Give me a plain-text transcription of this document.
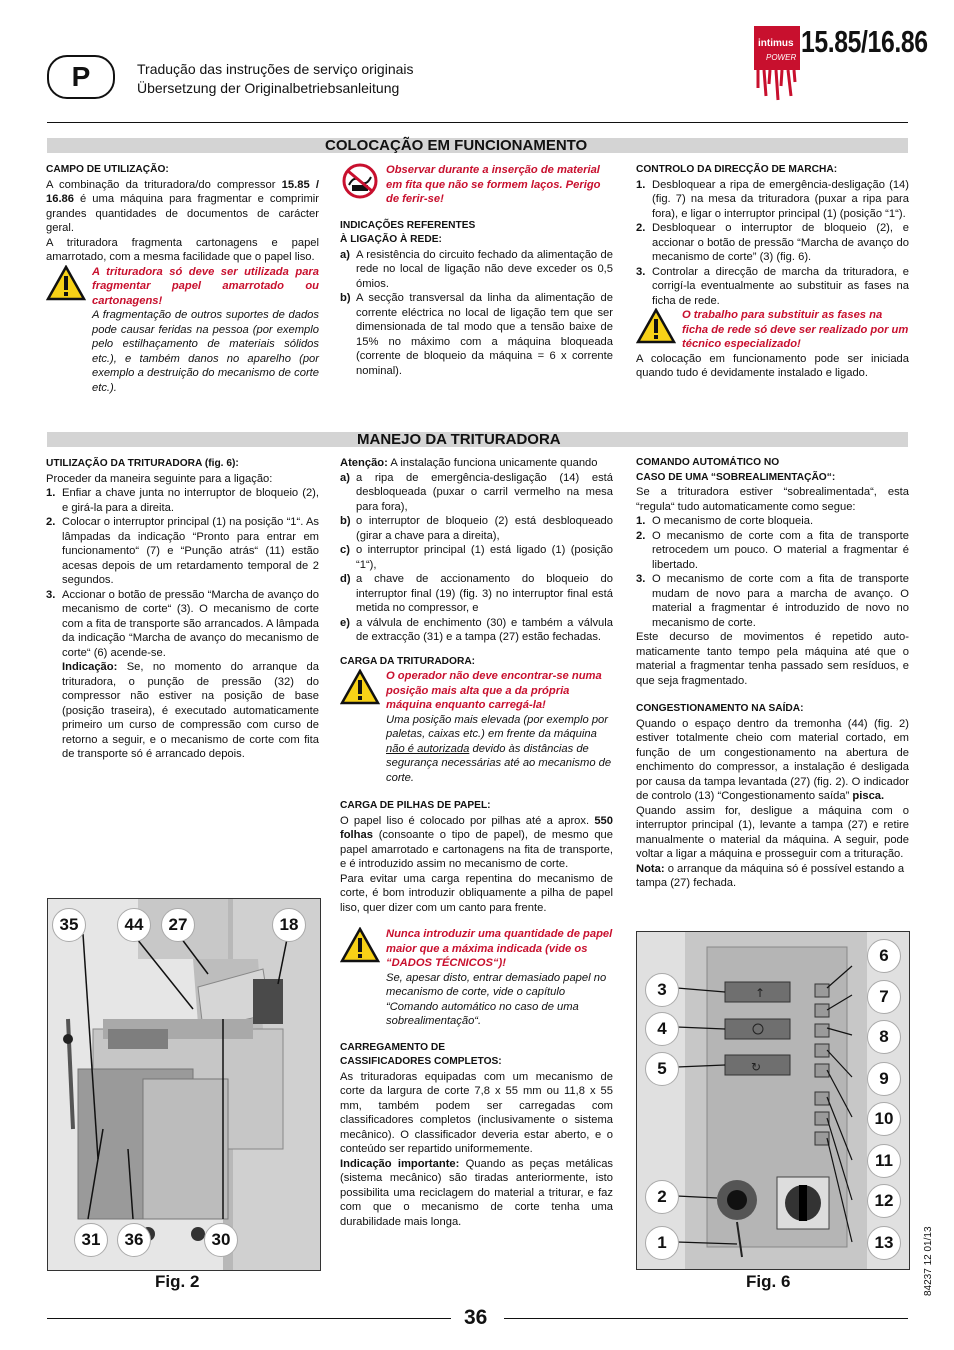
P	Tradução das instruções de serviço originais
Übersetzung der Originalbetriebsanleitung
intimus
POWER 15.85/16.86
COLOCAÇÃO EM FUNCIONAMENTO

CAMPO DE UTILIZAÇÃO:

A combinação da trituradora/do compressor 15.85 / 16.86 é uma máquina para fragmentar e comprimir grandes quantidades de documentos de carácter geral.

A trituradora fragmenta cartonagens e papel amarrotado, com a mesma facilidade que o papel liso.

A trituradora só deve ser utilizada para fragmentar papel amarrotado ou cartonagens!

A fragmentação de outros suportes de dados pode causar feridas na pessoa (por exemplo pelo estilhaçamento de materiais sólidos etc.), e também danos no aparelho (por exemplo a destruição do mecanismo de corte etc.).

Observar durante a inserção de material em fita que não se formem laços. Perigo de ferir-se!

INDICAÇÕES REFERENTES

À LIGAÇÃO À REDE:

a) A resistência do circuito fechado da alimentação de rede no local de ligação não deve exceder os 0,5 ómios.
b) A secção transversal da linha da alimentação de corrente eléctrica no local de ligação tem que ser dimensionada de tal modo que a tensão baixe de 15% no máximo com a máquina bloqueada (corrente de bloqueio da máquina = 6 x corrente nominal).

CONTROLO DA DIRECÇÃO DE MARCHA:

1. Desbloquear a ripa de emergência-desligação (14) (fig. 7) na mesa da trituradora (puxar a ripa para fora), e ligar o interruptor principal (1) (posição “1“).
2. Desbloquear o interruptor de bloqueio (2), e accionar o botão de pressão “Marcha de avanço do mecanismo de corte” (3) (fig. 6).
3. Controlar a direcção de marcha da trituradora, e corrigí-la eventualmente ao substituir as fases na ficha de rede.

O trabalho para substituir as fases na ficha de rede só deve ser realizado por um técnico especializado!

A colocação em funcionamento pode ser iniciada quando tudo é devidamente instalado e ligado.

MANEJO DA TRITURADORA

UTILIZAÇÃO DA TRITURADORA (fig. 6):

Proceder da maneira seguinte para a ligação:

1. Enfiar a chave junta no interruptor de bloqueio (2), e girá-la para a direita.
2. Colocar o interruptor principal (1) na posição “1“. As lâmpadas da indicação “Pronto para entrar em funcionamento“ (7) e “Punção atrás“ (11) estão acesas depois de um retardamento temporal de 2 segundos.
3. Accionar o botão de pressão “Marcha de avanço do mecanismo de corte“ (3). O mecanismo de corte com a fita de transporte são arrancados. A lâmpada da indicação “Marcha de avanço do mecanismo de corte“ (6) acende-se.

Indicação: Se, no momento do arranque da trituradora, o punção de pressão (32) do compressor não estiver na posição de base (posição traseira), é executado automaticamente primeiro um curso de compressão com curso de retorno a seguir, e o mecanismo de corte com fita de transporte só é arrancado depois.

Atenção: A instalação funciona unicamente quando

a) a ripa de emergência-desligação (14) está desbloqueada (puxar o carril vermelho na mesa para fora),
b) o interruptor de bloqueio (2) está desbloqueado (girar a chave para a direita),
c) o interruptor principal (1) está ligado (1) (posição “1“),
d) a chave de accionamento do bloqueio do interruptor final (19) (fig. 3) no interruptor final está metida no compressor, e
e) a válvula de enchimento (30) e também a válvula de extracção (31) e a tampa (27) estão fechadas.

CARGA DA TRITURADORA:

O operador não deve encontrar-se numa posição mais alta que a da própria máquina enquanto carregá-la!

Uma posição mais elevada (por exemplo por paletas, caixas etc.) em frente da máquina não é autorizada devido às distâncias de segurança necessárias até ao mecanismo de corte.

CARGA DE PILHAS DE PAPEL:

O papel liso é colocado por pilhas até a aprox. 550 folhas (consoante o tipo de papel), de mesmo que papel amarrotado e cartonagens na fita de transporte, e é introduzido assim no mecanismo de corte.

Para evitar uma carga repentina do mecanismo de corte, é bom introduzir obliquamente a pilha de papel liso, quer dizer com um canto para frente.

Nunca introduzir uma quantidade de papel maior que a máxima indicada (vide os “DADOS TÉCNICOS“)!

Se, apesar disto, entrar demasiado papel no mecanismo de corte, vide o capítulo “Comando automático no caso de uma sobrealimentação“.

CARREGAMENTO DE

CASSIFICADORES COMPLETOS:

As trituradoras equipadas com um mecanismo de corte da largura de corte 7,8 x 55 mm ou 11,8 x 55 mm, também podem ser carregadas com classificadores completos (inclusivamente o sistema mecânico). O classificador deveria estar aberto, e o conteúdo ser repartido uniformemente.

Indicação importante: Quando as peças metálicas (sistema mecânico) são tiradas anteriormente, isto possibilita uma reciclagem do material a triturar, e faz com que o mecanismo de corte tenha uma durabilidade mais longa.

COMANDO AUTOMÁTICO NO

CASO DE UMA “SOBREALIMENTAÇÃO“:

Se a trituradora estiver “sobrealimentada“, esta “regula“ tudo automaticamente como segue:

1. O mecanismo de corte bloqueia.
2. O mecanismo de corte com a fita de transporte retrocedem um pouco. O material a fragmentar é libertado.
3. O mecanismo de corte com a fita de transporte mudam de novo para a marcha de avanço. O material a fragmentar é introduzido de novo no mecanismo de corte.

Este decurso de movimentos é repetido auto-maticamente tanto tempo pela máquina até que o material a fragmentar tenha passado sem resíduos, e que seja fragmentado.

CONGESTIONAMENTO NA SAÍDA:

Quando o espaço dentro da tremonha (44) (fig. 2) estiver totalmente cheio com material cortado, em função de um congestionamento na abertura de enchimento do compressor, a instalação é desligada por causa da tampa levantada (27) (fig. 2). O indicador de controlo (13) “Congestionamento saída” pisca.

Quando assim for, desligue a máquina com o interruptor principal (1), levante a tampa (27) e retire manualmente o material da máquina. A seguir, pode voltar a ligar a máquina e prosseguir com a trituração.

Nota: o arranque da máquina só é possível estando a tampa (27) fechada.

35	44	27	18
31	36	30
Fig. 2
↑
↻
6
3	7
4	8
5
9
10
11
2	12
1	13
Fig. 6	84237 12 01/13
36
